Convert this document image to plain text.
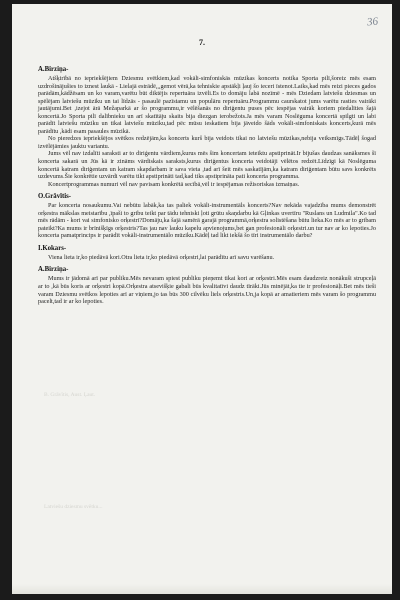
36
7.
B. Grāvītis, Aust. Ļaut.
Latviešu dziesmu svētku...
A.Birziņa-
Atšķirībā no iepriekšējiem Dziesmu svētkiem,kad vokāli-simfoniskās mūzikas koncerts notika Sporta pilī,šoreiz mēs esam uzdrošinājušies to iznest laukā - Lielajā estrādē,,,gemot vērā,ka tehniskie apstākļi ļauj šo ieceri īstenot.Laiks,kad mēs reizi pieces gados parādām,kādžēsam un ko varam,varētu būt diktējis repertuāra izvēli.Es to domāju labā nozīmē - mēs Dziedam latviešu dziesmas un spēlējam latviešu mūziku un tai līdzās - pasaulē pazīstamu un populāru repertuāru.Programmu caurskatot jums varētu rasties vairāki jautājumi.Bet ,izejot ārā Mežaparkā ar šo programmu,ir vēlēšanās no diriģentu puses pēc iespējas vairāk koriem piedalīties šajā koncertā.Jo Sporta pilī dalībnieku un arī skatītāju skaits bija diezgan ierobežots.Ja mēs varam Noslēguma koncertā spilgti un labi parādīt latviešu mūziku un tikai latviešu mūziku,tad pēc mūsu ieskatiem bija jāveido šāds vokāli-simfoniskais koncerts,kurā mēs parādītu ,kādi esam pasaules mūzikā.
No pieredzes iepriekšējos svētkos redzējām,ka koncerts kurš bija veidots tikai no latviešu mūzikas,nebija veiksmīgs.Tādēļ šogad izvēlējāmies jauktu variantu.
Jums vēl nav izdalīti saraksti ar to diriģentu vārdiem,kurus mēs šim koncertam ieteiktu apstiprināt.Ir bijušas daudzas sanāksmes šī koncerta sakarā un Jūs kā ir zināms vārdiskais saraksts,kurus diriģentus koncerta veidotāji vēlētos redzēt.Līdzīgi kā Noslēguma koncertā katram diriģentam un katram skapdarbam ir sava vieta ,tad arī šeit mēs saskatījām,ka katram diriģentam būtu savs konkrēts uzdevums.Šie konkrētie uzvārdi varētu tikt apstiprināti tad,kad tiks apstiprināta pati koncerta programma.
Koncertprogrammas numuri vēl nav pavisam konkrētā secībā,vēl ir iespējamas režisoriskas izmaiņas.
O.Grāvītis-
Par koncerta nosaukumu.Vai nebūtu labāk,ka tas paliek vokāli-instrumentāls koncerts?Nav nekāda vajadzība mums demonstrēt orķestra mākslas meistarību ,īpaši to gribu teikt par tādu tehniski ļoti grūtu skaņdarbu kā Gļinkas uvertīru "Ruslans un Ludmila".Ko tad mēs rādām - kori vai simfonisko orķestri?Domāju,ka šajā samērā garajā programmā,orķestra solistēšana būtu lieka.Ko mēs ar to gribam pateikt?Ka mums ir brīnišķīgs orķestris?Tas jau nav lauku kapelu apvienojums,bet gan profesionāli orķestri.un tur nav ar ko lepoties.Jo koncerta pamatprincips ir parādīt vokāli-instrumentālo mūziku.Kādēļ tad likt iekšā šo tīri instrumentālo darbu?
I.Kokars-
Viena lieta ir,ko piedāvā kori.Otra lieta ir,ko piedāvā orķestri,lai parādītu arī savu varēšanu.
A.Birziņa-
Mums ir jādomā arī par publiku.Mēs nevaram spiest publiku pieņemt tikai kori ar orķestri.Mēs esam daudzreiz nonākuši strupceļā ar to ,kā būs koris ar orķestri kopā.Orķestra atsevišķie gabali būs kvalitatīvi daudz tīrāki.Jūs minējāt,ka tie ir profesionāļi.Bet mēs tieši varam Dziesmu svētkos lepoties arī ar viņiem,jo tas būs 300 cilvēku liels orķestris.Un,ja kopā ar amatieriem mēs varam šo programmu pacelt,tad ir ar ko lepoties.
